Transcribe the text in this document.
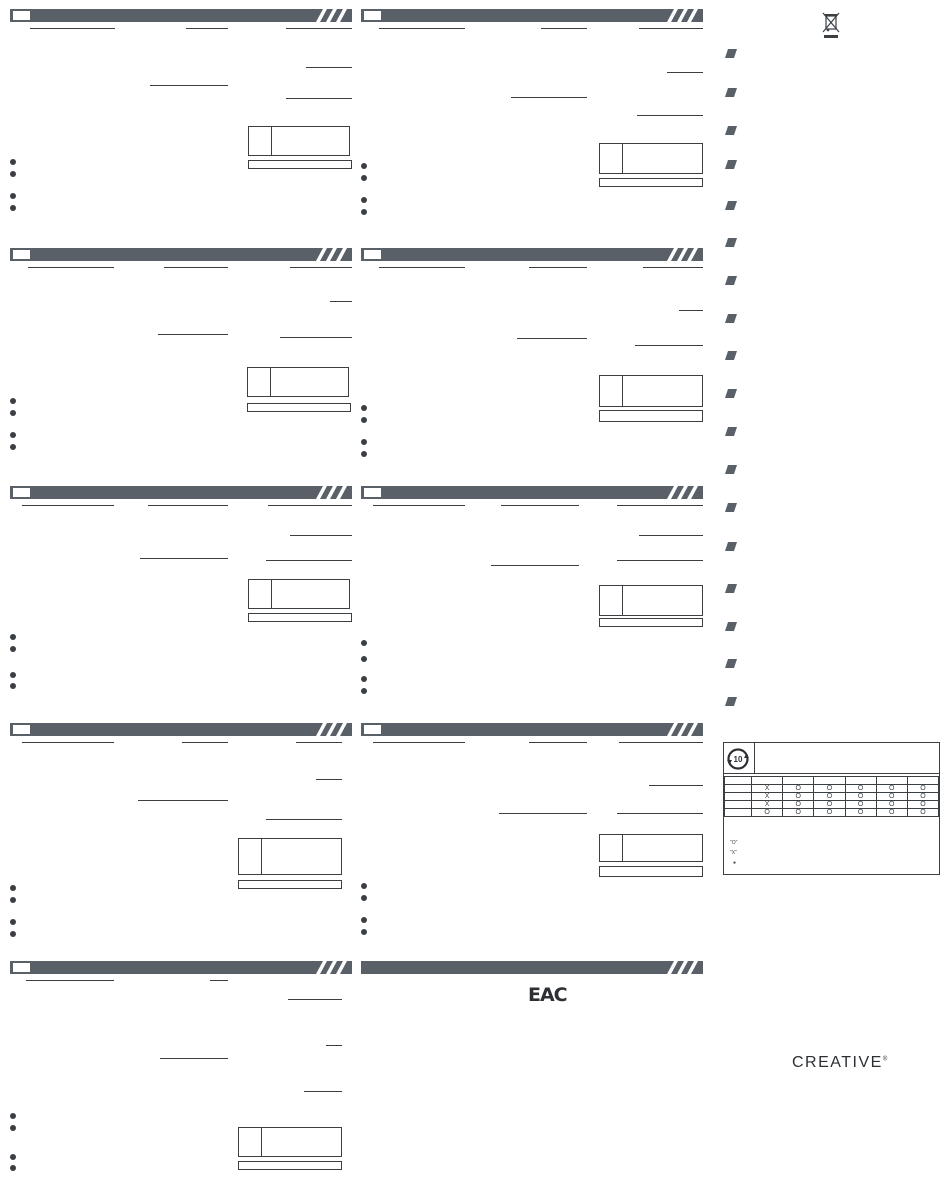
EAC
10

	X	O	O	O	O	O
	X	O	O	O	O	O
	X	O	O	O	O	O
	O	O	O	O	O	O
"O"
"X"
●
CREATIVE®
